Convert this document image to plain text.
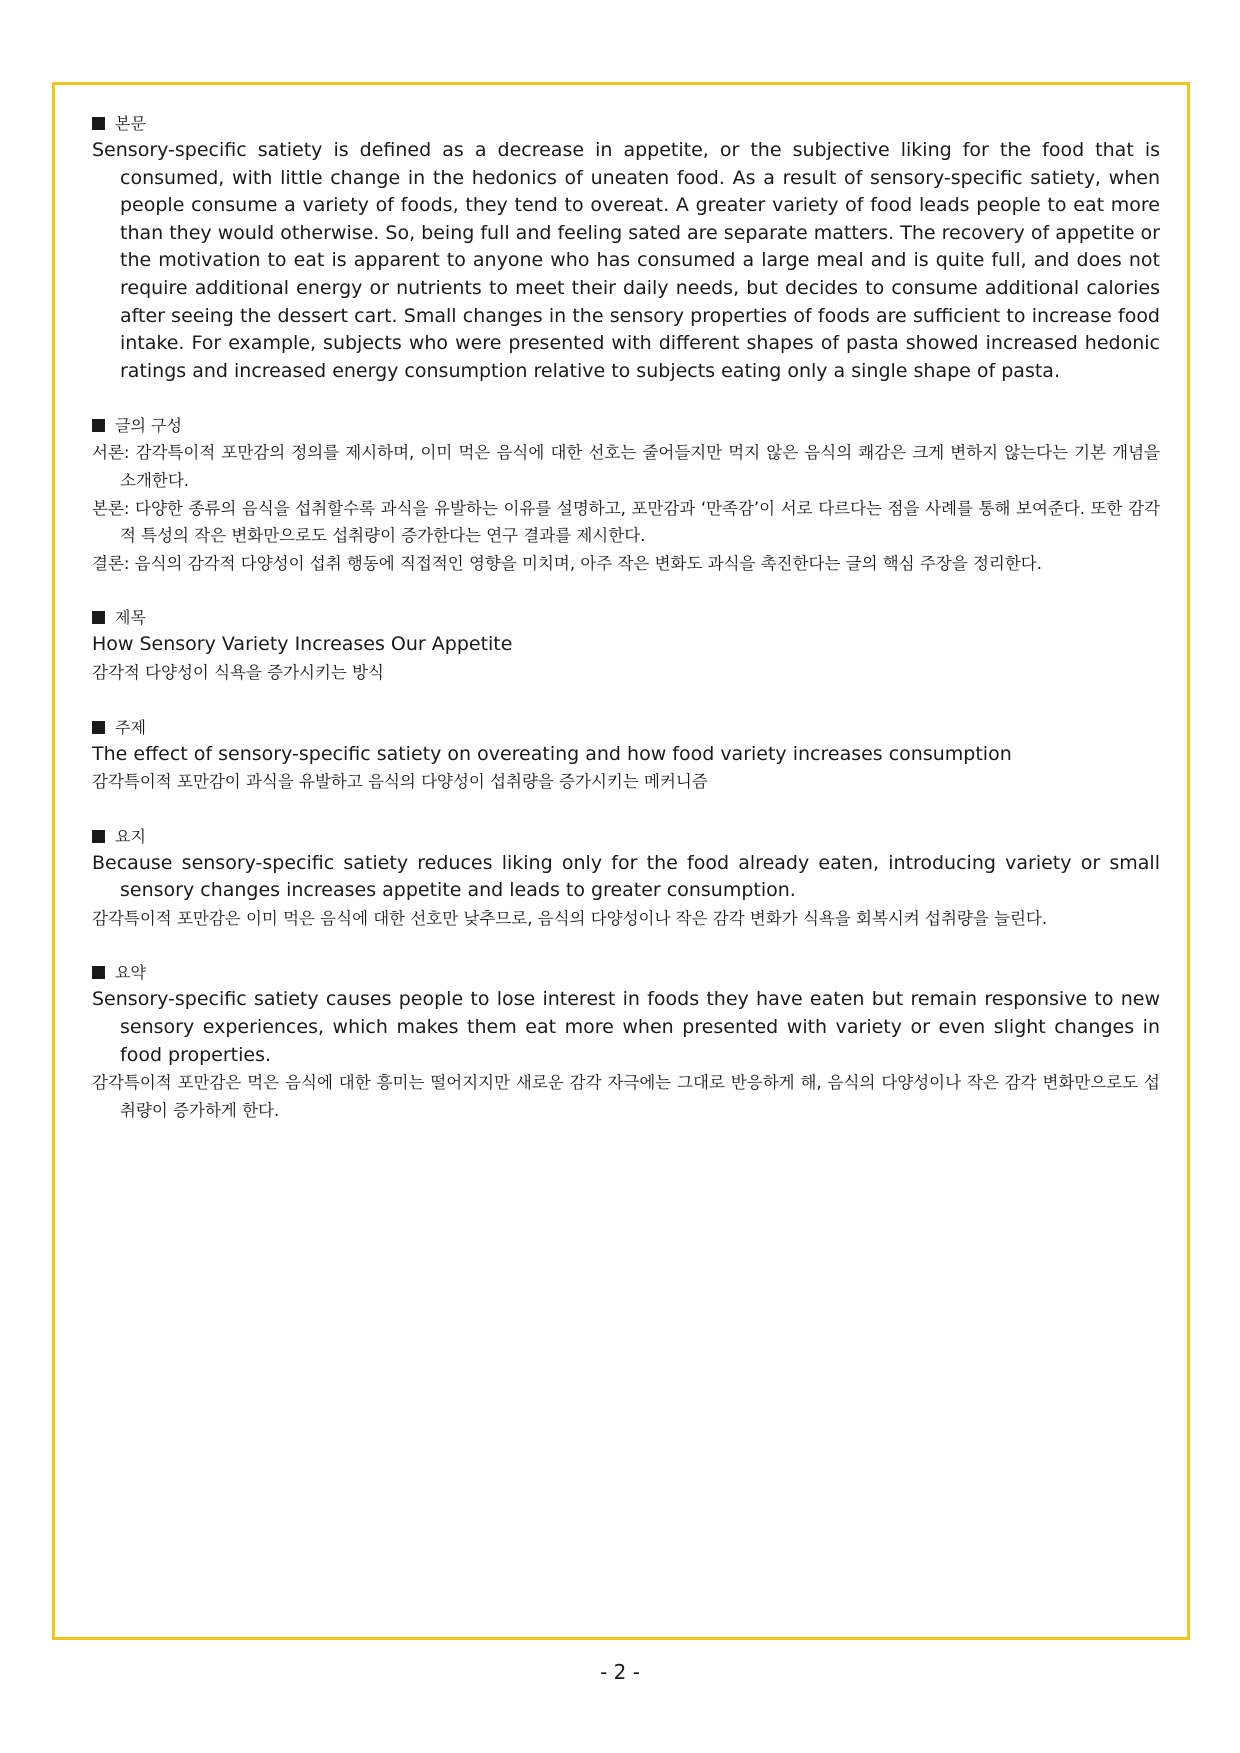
본문

Sensory-specific satiety is defined as a decrease in appetite, or the subjective liking for the food that is consumed, with little change in the hedonics of uneaten food. As a result of sensory-specific satiety, when people consume a variety of foods, they tend to overeat. A greater variety of food leads people to eat more than they would otherwise. So, being full and feeling sated are separate matters. The recovery of appetite or the motivation to eat is apparent to anyone who has consumed a large meal and is quite full, and does not require additional energy or nutrients to meet their daily needs, but decides to consume additional calories after seeing the dessert cart. Small changes in the sensory properties of foods are sufficient to increase food intake. For example, subjects who were presented with different shapes of pasta showed increased hedonic ratings and increased energy consumption relative to subjects eating only a single shape of pasta.

글의 구성

서론: 감각특이적 포만감의 정의를 제시하며, 이미 먹은 음식에 대한 선호는 줄어들지만 먹지 않은 음식의 쾌감은 크게 변하지 않는다는 기본 개념을 소개한다.

본론: 다양한 종류의 음식을 섭취할수록 과식을 유발하는 이유를 설명하고, 포만감과 ‘만족감’이 서로 다르다는 점을 사례를 통해 보여준다. 또한 감각적 특성의 작은 변화만으로도 섭취량이 증가한다는 연구 결과를 제시한다.

결론: 음식의 감각적 다양성이 섭취 행동에 직접적인 영향을 미치며, 아주 작은 변화도 과식을 촉진한다는 글의 핵심 주장을 정리한다.

제목

How Sensory Variety Increases Our Appetite

감각적 다양성이 식욕을 증가시키는 방식

주제

The effect of sensory-specific satiety on overeating and how food variety increases consumption

감각특이적 포만감이 과식을 유발하고 음식의 다양성이 섭취량을 증가시키는 메커니즘

요지

Because sensory-specific satiety reduces liking only for the food already eaten, introducing variety or small sensory changes increases appetite and leads to greater consumption.

감각특이적 포만감은 이미 먹은 음식에 대한 선호만 낮추므로, 음식의 다양성이나 작은 감각 변화가 식욕을 회복시켜 섭취량을 늘린다.

요약

Sensory-specific satiety causes people to lose interest in foods they have eaten but remain responsive to new sensory experiences, which makes them eat more when presented with variety or even slight changes in food properties.

감각특이적 포만감은 먹은 음식에 대한 흥미는 떨어지지만 새로운 감각 자극에는 그대로 반응하게 해, 음식의 다양성이나 작은 감각 변화만으로도 섭취량이 증가하게 한다.

- 2 -
